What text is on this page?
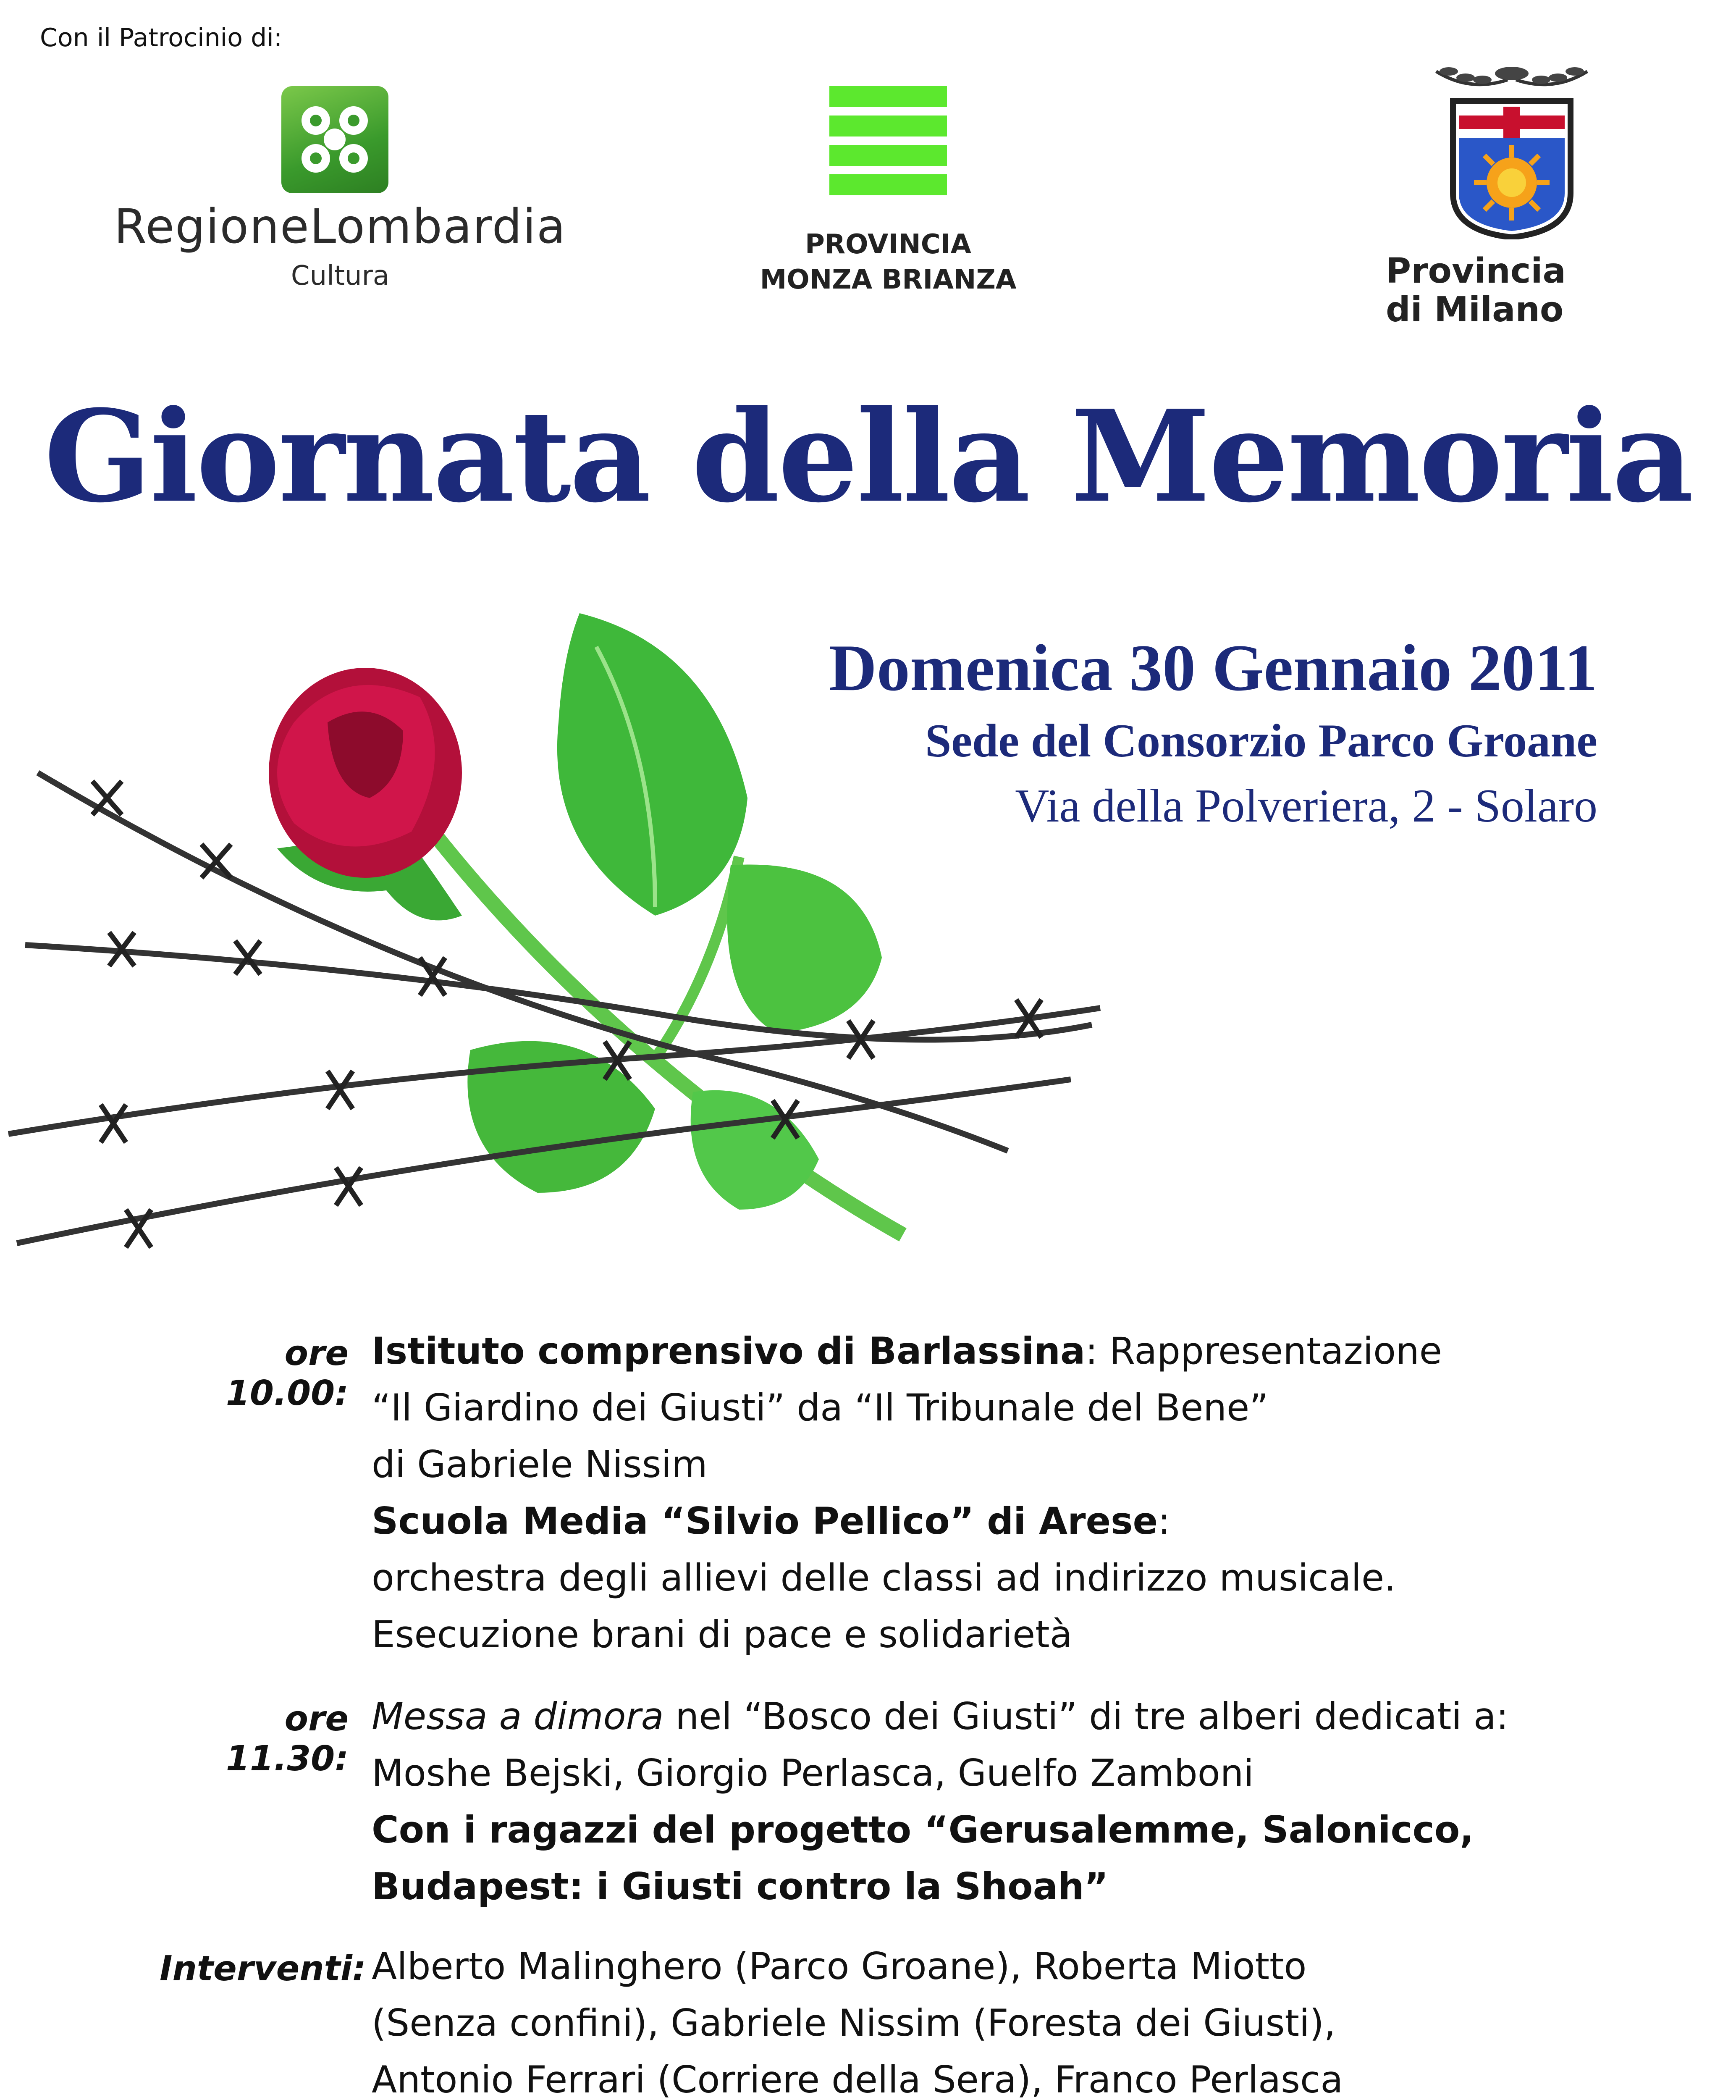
Con il Patrocinio di:
RegioneLombardia
Cultura
PROVINCIA
MONZA BRIANZA	Provincia
di Milano
Giornata della Memoria
Domenica 30 Gennaio 2011
Sede del Consorzio Parco Groane
Via della Polveriera, 2 - Solaro
ore 10.00:
Istituto comprensivo di Barlassina: Rappresentazione
“Il Giardino dei Giusti” da “Il Tribunale del Bene”
di Gabriele Nissim
Scuola Media “Silvio Pellico” di Arese:
orchestra degli allievi delle classi ad indirizzo musicale.
Esecuzione brani di pace e solidarietà
ore 11.30:
Messa a dimora nel “Bosco dei Giusti” di tre alberi dedicati a:
Moshe Bejski, Giorgio Perlasca, Guelfo Zamboni
Con i ragazzi del progetto “Gerusalemme, Salonicco,
Budapest: i Giusti contro la Shoah”
Interventi: Alberto Malinghero (Parco Groane), Roberta Miotto
(Senza confini), Gabriele Nissim (Foresta dei Giusti),
Antonio Ferrari (Corriere della Sera), Franco Perlasca
